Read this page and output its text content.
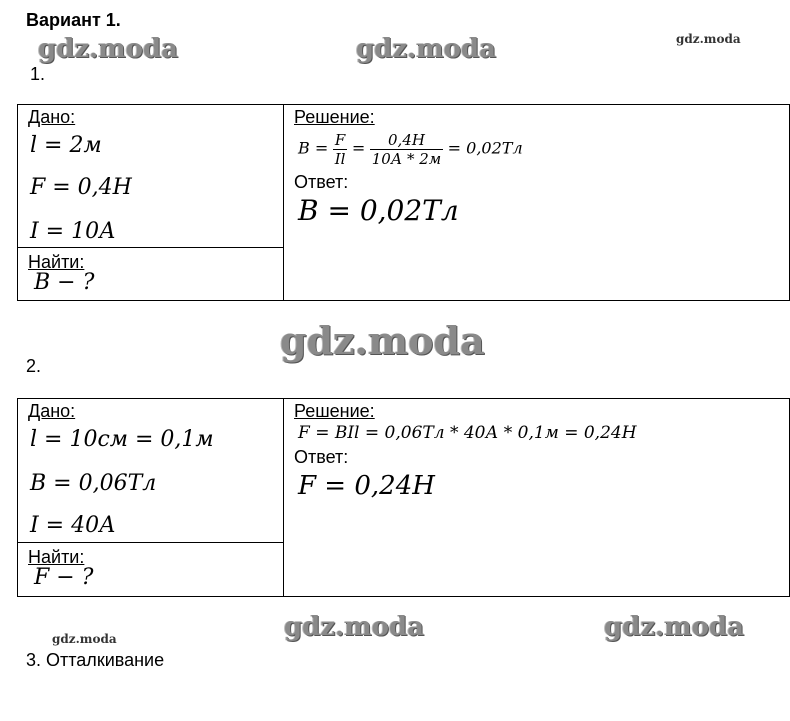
Вариант 1.
gdz.moda	gdz.moda	gdz.moda
gdz.moda
gdz.moda	gdz.moda	gdz.moda
1.
Дано:
l = 2м
F = 0,4Н
I = 10А

Решение:
$B = \frac{F}{Il} = \frac{0,4Н}{10А * 2м} = 0,02Тл$
Ответ:
B = 0,02Тл

Найти:
B − ?
2.
Дано:
l = 10см = 0,1м
B = 0,06Тл
I = 40А

Решение:
F = BIl = 0,06Тл * 40А * 0,1м = 0,24Н
Ответ:
F = 0,24Н

Найти:
F − ?
3. Отталкивание
